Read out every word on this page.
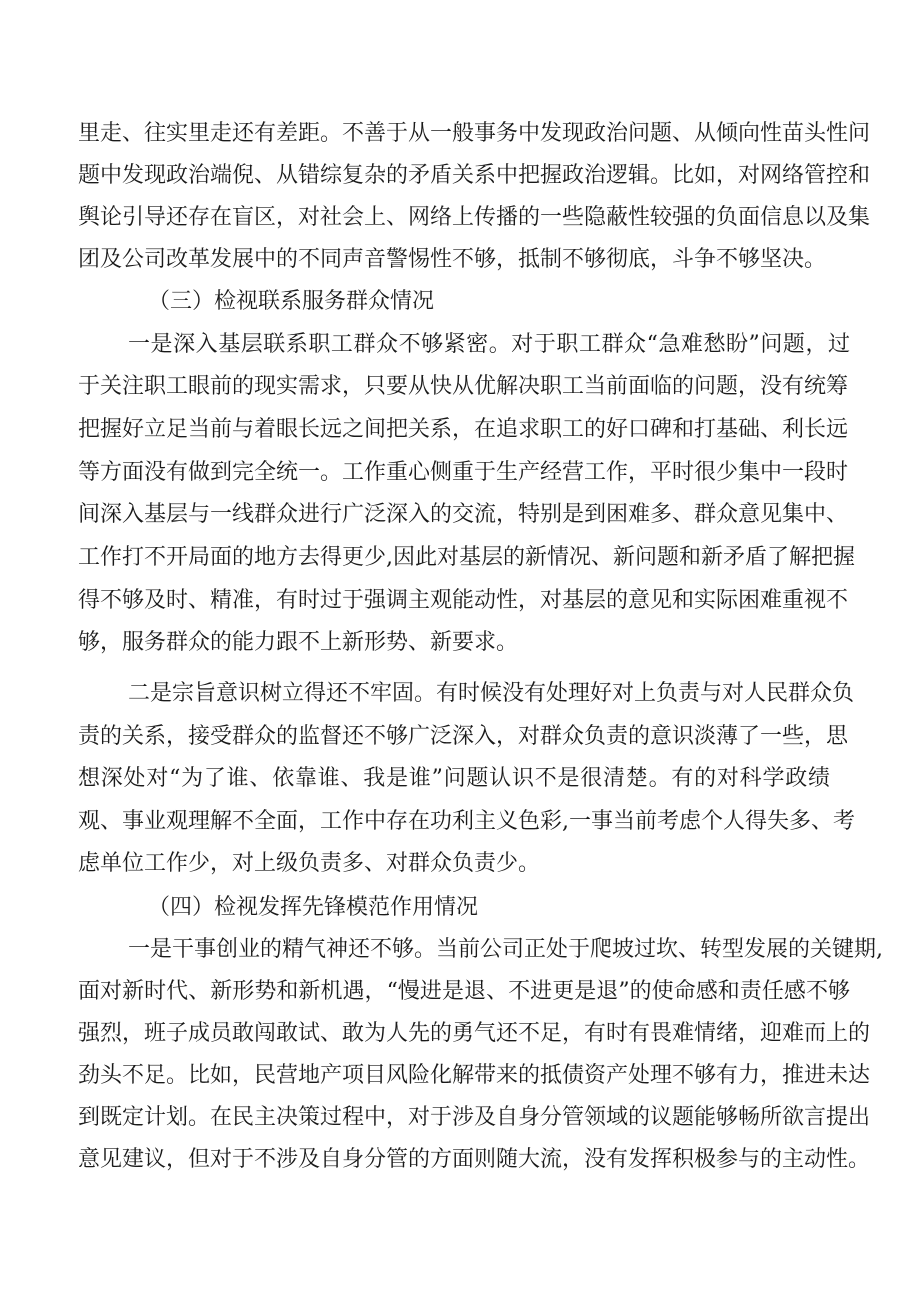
里走、往实里走还有差距。不善于从一般事务中发现政治问题、从倾向性苗头性问
题中发现政治端倪、从错综复杂的矛盾关系中把握政治逻辑。比如，对网络管控和
舆论引导还存在盲区，对社会上、网络上传播的一些隐蔽性较强的负面信息以及集
团及公司改革发展中的不同声音警惕性不够，抵制不够彻底，斗争不够坚决。
（三）检视联系服务群众情况
一是深入基层联系职工群众不够紧密。对于职工群众“急难愁盼”问题，过
于关注职工眼前的现实需求，只要从快从优解决职工当前面临的问题，没有统筹
把握好立足当前与着眼长远之间把关系，在追求职工的好口碑和打基础、利长远
等方面没有做到完全统一。工作重心侧重于生产经营工作，平时很少集中一段时
间深入基层与一线群众进行广泛深入的交流，特别是到困难多、群众意见集中、
工作打不开局面的地方去得更少,因此对基层的新情况、新问题和新矛盾了解把握
得不够及时、精准，有时过于强调主观能动性，对基层的意见和实际困难重视不
够，服务群众的能力跟不上新形势、新要求。
二是宗旨意识树立得还不牢固。有时候没有处理好对上负责与对人民群众负
责的关系，接受群众的监督还不够广泛深入，对群众负责的意识淡薄了一些，思
想深处对“为了谁、依靠谁、我是谁”问题认识不是很清楚。有的对科学政绩
观、事业观理解不全面，工作中存在功利主义色彩,一事当前考虑个人得失多、考
虑单位工作少，对上级负责多、对群众负责少。
（四）检视发挥先锋模范作用情况
一是干事创业的精气神还不够。当前公司正处于爬坡过坎、转型发展的关键期,
面对新时代、新形势和新机遇，“慢进是退、不进更是退”的使命感和责任感不够
强烈，班子成员敢闯敢试、敢为人先的勇气还不足，有时有畏难情绪，迎难而上的
劲头不足。比如，民营地产项目风险化解带来的抵债资产处理不够有力，推进未达
到既定计划。在民主决策过程中，对于涉及自身分管领域的议题能够畅所欲言提出
意见建议，但对于不涉及自身分管的方面则随大流，没有发挥积极参与的主动性。
